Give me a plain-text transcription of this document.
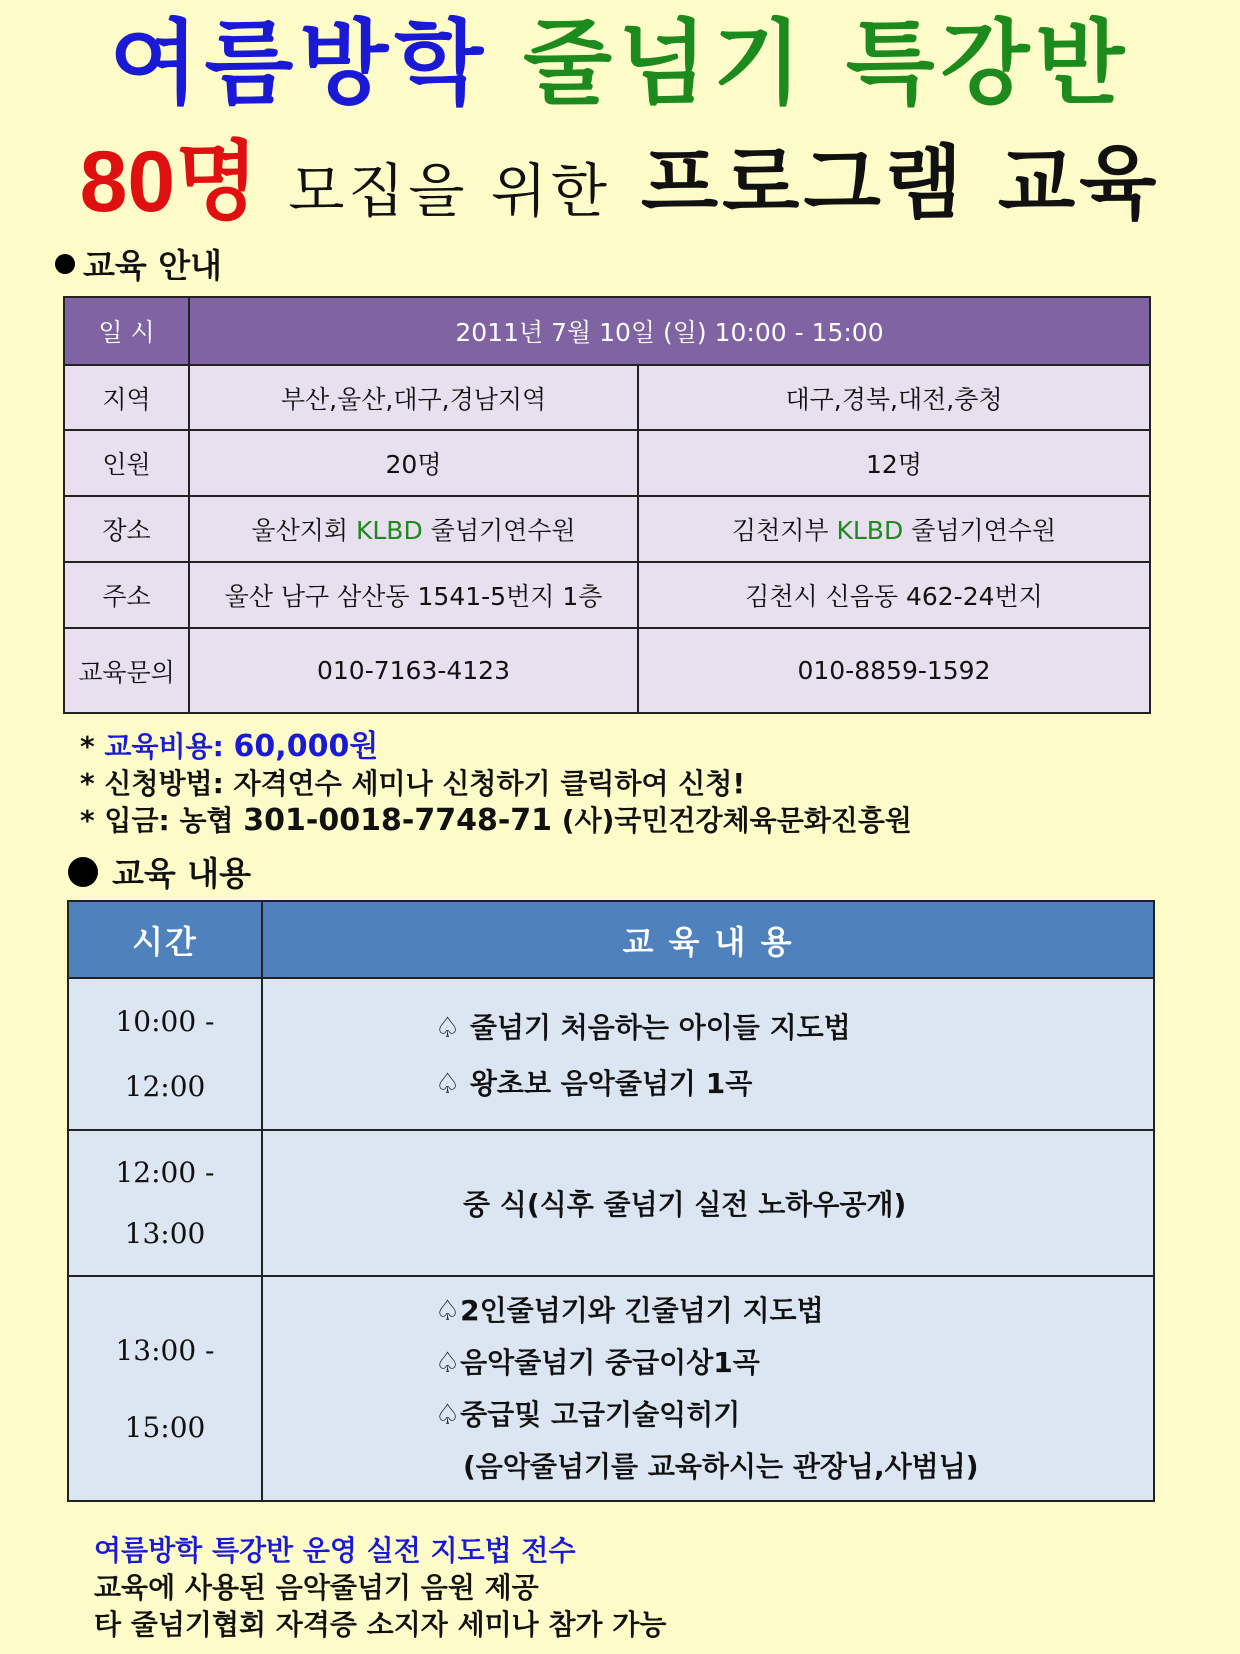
여름방학 줄넘기 특강반
80명 모집을 위한 프로그램 교육
교육 안내
일 시	2011년 7월 10일 (일) 10:00 - 15:00	
지역	부산,울산,대구,경남지역	대구,경북,대전,충청
인원	20명	12명
장소	울산지회 KLBD 줄넘기연수원	김천지부 KLBD 줄넘기연수원
주소	울산 남구 삼산동 1541-5번지 1층	김천시 신음동 462-24번지
교육문의	010-7163-4123	010-8859-1592
* 교육비용: 60,000원
* 신청방법: 자격연수 세미나 신청하기 클릭하여 신청!
* 입금: 농협 301-0018-7748-71 (사)국민건강체육문화진흥원
교육 내용
시간	교 육 내 용

10:00 -
12:00	♤ 줄넘기 처음하는 아이들 지도법
♤ 왕초보 음악줄넘기 1곡

12:00 -
13:00	중 식(식후 줄넘기 실전 노하우공개)

13:00 -
15:00	♤2인줄넘기와 긴줄넘기 지도법
♤음악줄넘기 중급이상1곡
♤중급및 고급기술익히기
(음악줄넘기를 교육하시는 관장님,사범님)
여름방학 특강반 운영 실전 지도법 전수
교육에 사용된 음악줄넘기 음원 제공
타 줄넘기협회 자격증 소지자 세미나 참가 가능
